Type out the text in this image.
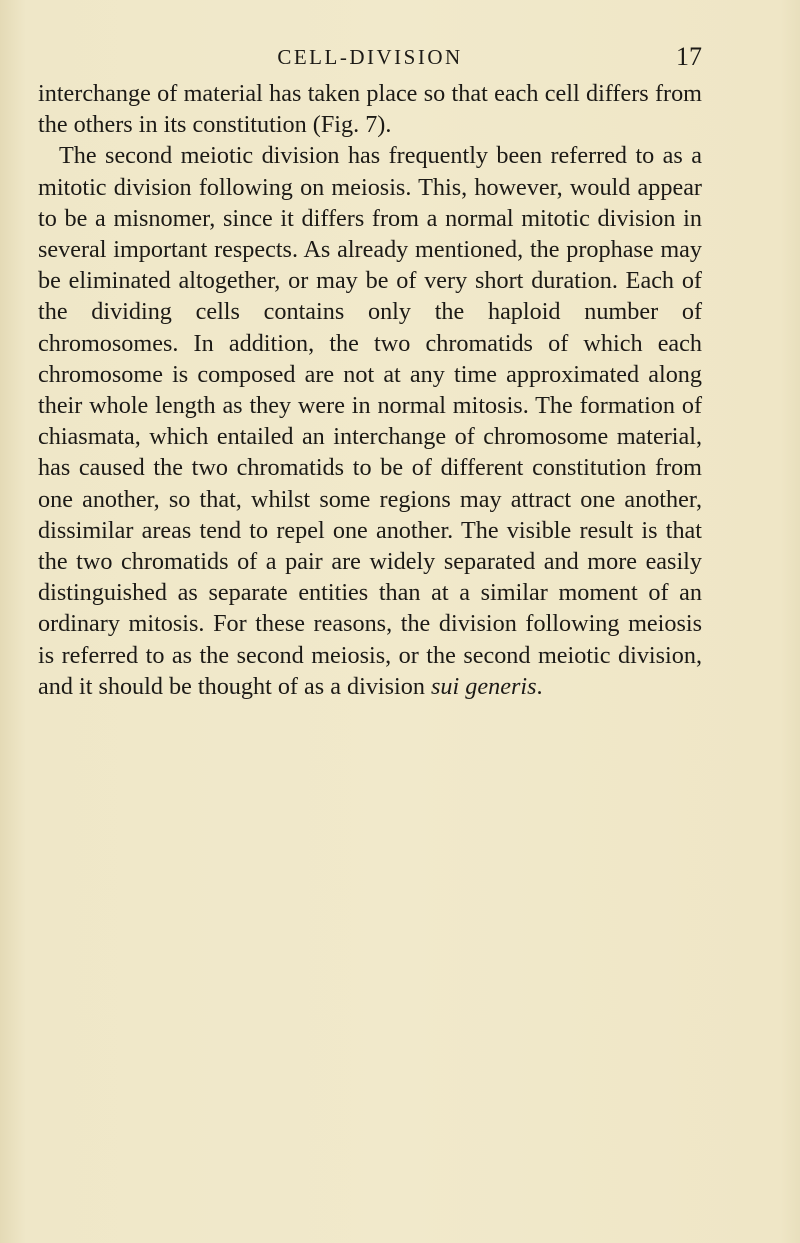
CELL-DIVISION	17

interchange of material has taken place so that each cell differs from the others in its constitution (Fig. 7).

The second meiotic division has frequently been referred to as a mitotic division following on meiosis. This, however, would appear to be a misnomer, since it differs from a normal mitotic division in several important respects. As already mentioned, the prophase may be eliminated altogether, or may be of very short duration. Each of the dividing cells contains only the haploid number of chromosomes. In addition, the two chromatids of which each chromosome is composed are not at any time approximated along their whole length as they were in normal mitosis. The formation of chiasmata, which entailed an interchange of chromosome material, has caused the two chromatids to be of different constitution from one another, so that, whilst some regions may attract one another, dissimilar areas tend to repel one another. The visible result is that the two chromatids of a pair are widely separated and more easily distinguished as separate entities than at a similar moment of an ordinary mitosis. For these reasons, the division following meiosis is referred to as the second meiosis, or the second meiotic division, and it should be thought of as a division sui generis.
